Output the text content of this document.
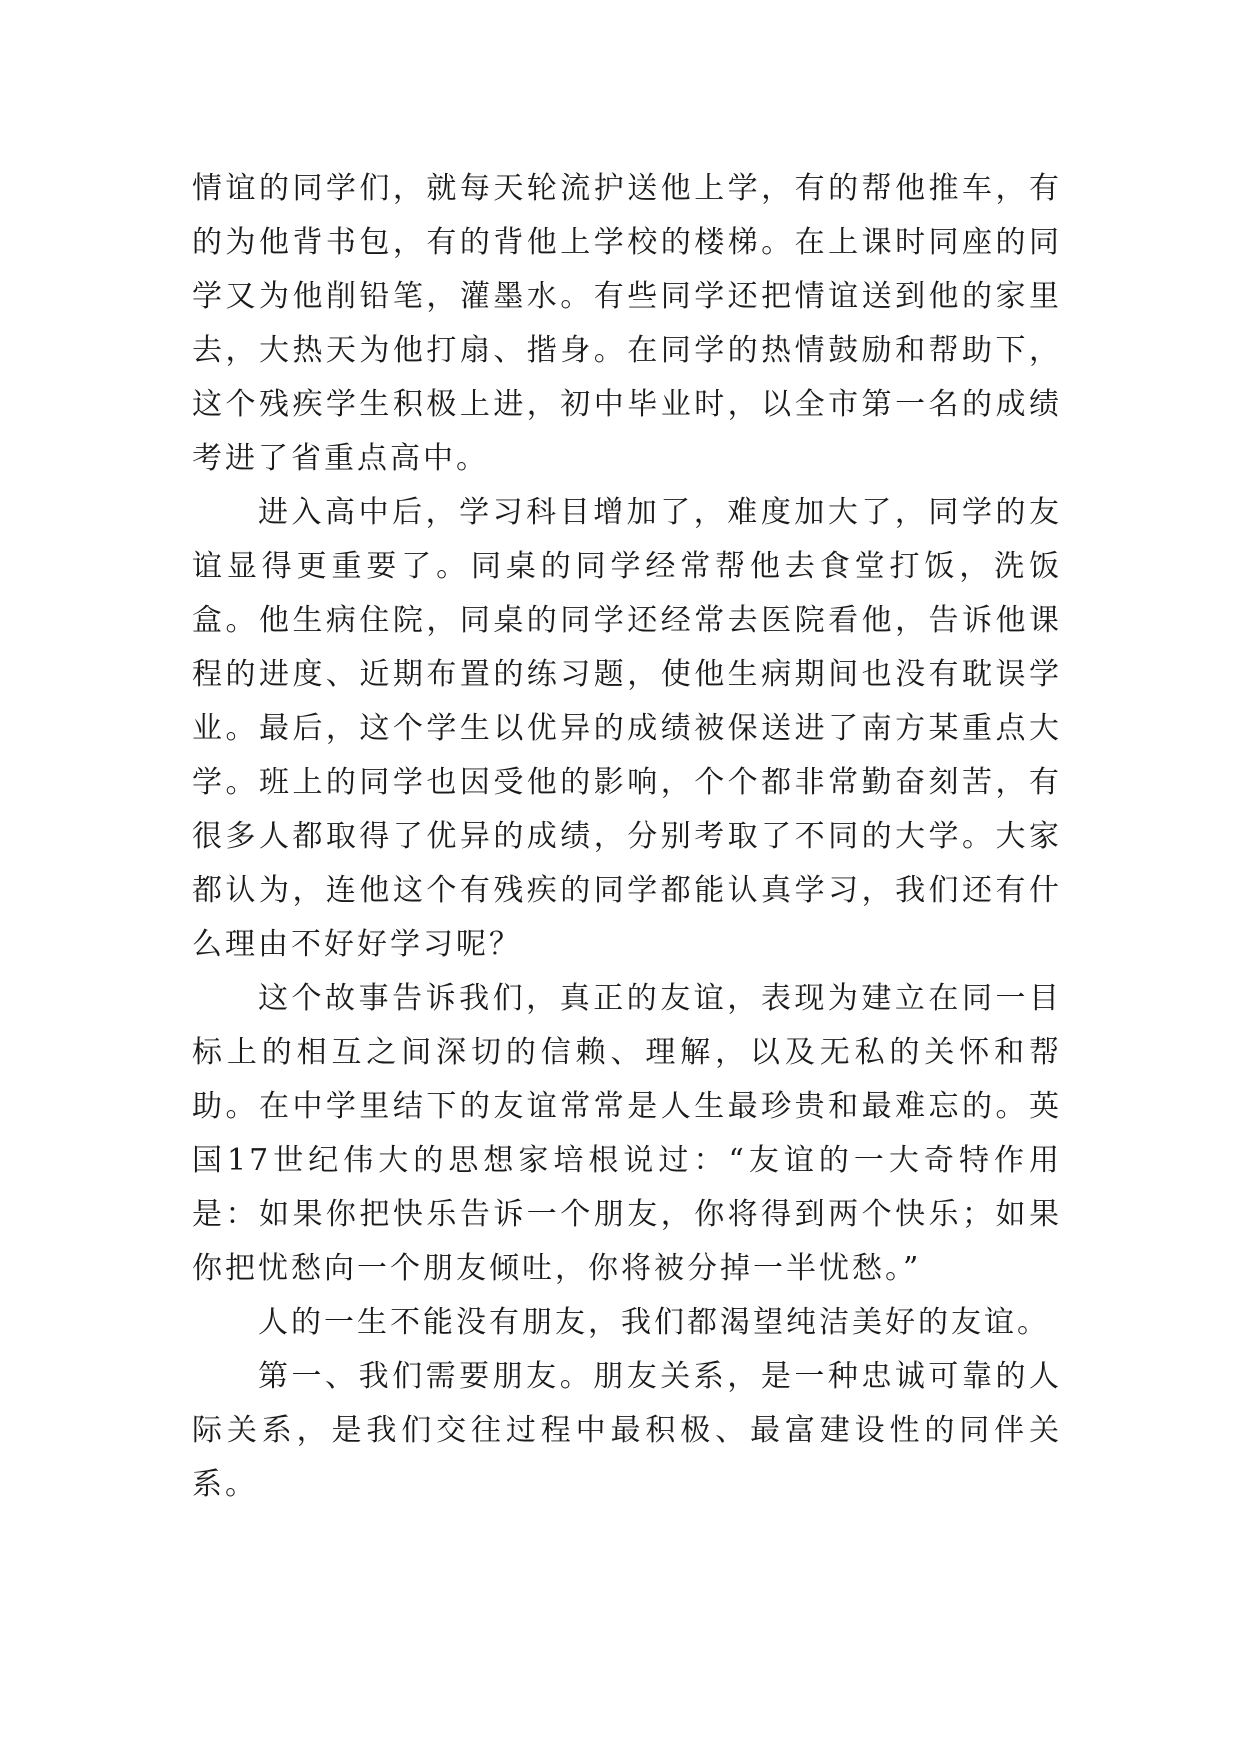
情谊的同学们，就每天轮流护送他上学，有的帮他推车，有的为他背书包，有的背他上学校的楼梯。在上课时同座的同学又为他削铅笔，灌墨水。有些同学还把情谊送到他的家里去，大热天为他打扇、揩身。在同学的热情鼓励和帮助下，这个残疾学生积极上进，初中毕业时，以全市第一名的成绩考进了省重点高中。

进入高中后，学习科目增加了，难度加大了，同学的友谊显得更重要了。同桌的同学经常帮他去食堂打饭，洗饭盒。他生病住院，同桌的同学还经常去医院看他，告诉他课程的进度、近期布置的练习题，使他生病期间也没有耽误学业。最后，这个学生以优异的成绩被保送进了南方某重点大学。班上的同学也因受他的影响，个个都非常勤奋刻苦，有很多人都取得了优异的成绩，分别考取了不同的大学。大家都认为，连他这个有残疾的同学都能认真学习，我们还有什么理由不好好学习呢？

这个故事告诉我们，真正的友谊，表现为建立在同一目标上的相互之间深切的信赖、理解，以及无私的关怀和帮助。在中学里结下的友谊常常是人生最珍贵和最难忘的。英国17世纪伟大的思想家培根说过：“友谊的一大奇特作用是：如果你把快乐告诉一个朋友，你将得到两个快乐；如果你把忧愁向一个朋友倾吐，你将被分掉一半忧愁。”

人的一生不能没有朋友，我们都渴望纯洁美好的友谊。

第一、我们需要朋友。朋友关系，是一种忠诚可靠的人际关系，是我们交往过程中最积极、最富建设性的同伴关系。
